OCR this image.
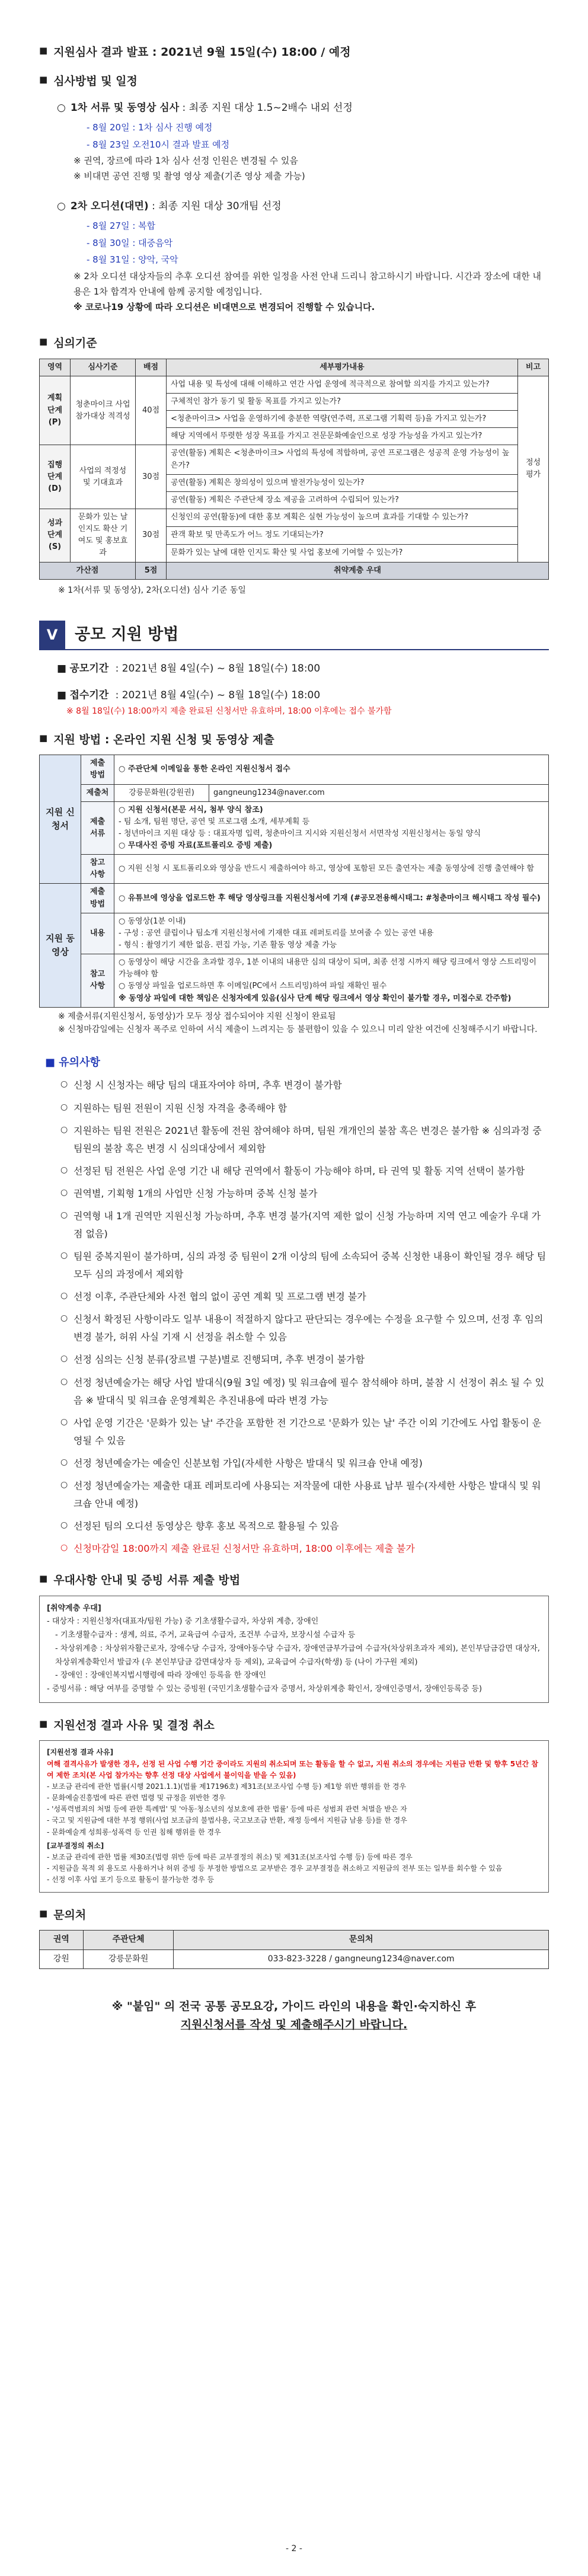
■ 지원심사 결과 발표 : 2021년 9월 15일(수) 18:00 / 예정
■ 심사방법 및 일정
○ 1차 서류 및 동영상 심사 : 최종 지원 대상 1.5~2배수 내외 선정
- 8월 20일 : 1차 심사 진행 예정
- 8월 23일 오전10시 결과 발표 예정
※ 권역, 장르에 따라 1차 심사 선정 인원은 변경될 수 있음
※ 비대면 공연 진행 및 촬영 영상 제출(기존 영상 제출 가능)
○ 2차 오디션(대면) : 최종 지원 대상 30개팀 선정
- 8월 27일 : 복합
- 8월 30일 : 대중음악
- 8월 31일 : 양악, 국악
※ 2차 오디션 대상자들의 추후 오디션 참여를 위한 일정을 사전 안내 드리니 참고하시기 바랍니다. 시간과 장소에 대한 내용은 1차 합격자 안내에 함께 공지할 예정입니다.
※ 코로나19 상황에 따라 오디션은 비대면으로 변경되어 진행할 수 있습니다.
■ 심의기준
영역	심사기준	배점	세부평가내용	비고
계획 단계 (P)	청춘마이크 사업 참가대상 적격성	40점	사업 내용 및 특성에 대해 이해하고 연간 사업 운영에 적극적으로 참여할 의지를 가지고 있는가?	정성평가
			구체적인 참가 동기 및 활동 목표를 가지고 있는가?	
			<청춘마이크> 사업을 운영하기에 충분한 역량(연주력, 프로그램 기획력 등)을 가지고 있는가?	
			해당 지역에서 뚜렷한 성장 목표를 가지고 전문문화예술인으로 성장 가능성을 가지고 있는가?	
집행 단계 (D)	사업의 적정성 및 기대효과	30점	공연(활동) 계획은 <청춘마이크> 사업의 특성에 적합하며, 공연 프로그램은 성공적 운영 가능성이 높은가?	
			공연(활동) 계획은 창의성이 있으며 발전가능성이 있는가?	
			공연(활동) 계획은 주관단체 장소 제공을 고려하여 수립되어 있는가?	
성과 단계 (S)	문화가 있는 날 인지도 확산 기여도 및 홍보효과	30점	신청인의 공연(활동)에 대한 홍보 계획은 실현 가능성이 높으며 효과를 기대할 수 있는가?	
			관객 확보 및 만족도가 어느 정도 기대되는가?	
			문화가 있는 날에 대한 인지도 확산 및 사업 홍보에 기여할 수 있는가?	
가산점		5점	취약계층 우대	
※ 1차(서류 및 동영상), 2차(오디션) 심사 기준 동일
V	공모 지원 방법
■ 공모기간 : 2021년 8월 4일(수) ~ 8월 18일(수) 18:00
■ 접수기간 : 2021년 8월 4일(수) ~ 8월 18일(수) 18:00
※ 8월 18일(수) 18:00까지 제출 완료된 신청서만 유효하며, 18:00 이후에는 접수 불가함
■ 지원 방법 : 온라인 지원 신청 및 동영상 제출
지원 신청서	제출 방법	○ 주관단체 이메일을 통한 온라인 지원신청서 접수	
	제출처	강릉문화원(강원권)	gangneung1234@naver.com
	제출 서류	○ 지원 신청서(본문 서식, 첨부 양식 참조)
- 팀 소개, 팀원 명단, 공연 및 프로그램 소개, 세부계획 등
- 청년마이크 지원 대상 등 : 대표자명 입력, 청춘마이크 지시와 지원신청서 서면작성 지원신청서는 동일 양식
○ 무대사진 증빙 자료(포트폴리오 증빙 제출)	

	참고 사항	○ 지원 신청 시 포트폴리오와 영상을 반드시 제출하여야 하고, 영상에 포함된 모든 출연자는 제출 동영상에 진행 출연해야 함	
지원 동영상	제출 방법	○ 유튜브에 영상을 업로드한 후 해당 영상링크를 지원신청서에 기재 (#공모전용해시태그: #청춘마이크 해시태그 작성 필수)	
	내용	○ 동영상(1분 이내)
- 구성 : 공연 클립이나 팀소개 지원신청서에 기재한 대표 레퍼토리를 보여줄 수 있는 공연 내용
- 형식 : 촬영기기 제한 없음. 편집 가능, 기존 활동 영상 제출 가능	

	참고 사항	○ 동영상이 해당 시간을 초과할 경우, 1분 이내의 내용만 심의 대상이 되며, 최종 선정 시까지 해당 링크에서 영상 스트리밍이 가능해야 함
○ 동영상 파일을 업로드하면 후 이메일(PC에서 스트리밍)하여 파일 재확인 필수
※ 동영상 파일에 대한 책임은 신청자에게 있음(심사 단계 해당 링크에서 영상 확인이 불가할 경우, 미접수로 간주함)	
※ 제출서류(지원신청서, 동영상)가 모두 정상 접수되어야 지원 신청이 완료됨
※ 신청마감일에는 신청자 폭주로 인하여 서식 제출이 느려지는 등 불편함이 있을 수 있으니 미리 알찬 여건에 신청해주시기 바랍니다.
■ 유의사항
○ 신청 시 신청자는 해당 팀의 대표자여야 하며, 추후 변경이 불가함
○ 지원하는 팀원 전원이 지원 신청 자격을 충족해야 함
○ 지원하는 팀원 전원은 2021년 활동에 전원 참여해야 하며, 팀원 개개인의 불참 혹은 변경은 불가함 ※ 심의과정 중 팀원의 불참 혹은 변경 시 심의대상에서 제외함
○ 선정된 팀 전원은 사업 운영 기간 내 해당 권역에서 활동이 가능해야 하며, 타 권역 및 활동 지역 선택이 불가함
○ 권역별, 기획형 1개의 사업만 신청 가능하며 중복 신청 불가
○ 권역형 내 1개 권역만 지원신청 가능하며, 추후 변경 불가(지역 제한 없이 신청 가능하며 지역 연고 예술가 우대 가점 없음)
○ 팀원 중복지원이 불가하며, 심의 과정 중 팀원이 2개 이상의 팀에 소속되어 중복 신청한 내용이 확인될 경우 해당 팀 모두 심의 과정에서 제외함
○ 선정 이후, 주관단체와 사전 협의 없이 공연 계획 및 프로그램 변경 불가
○ 신청서 확정된 사항이라도 일부 내용이 적절하지 않다고 판단되는 경우에는 수정을 요구할 수 있으며, 선정 후 임의 변경 불가, 허위 사실 기재 시 선정을 취소할 수 있음
○ 선정 심의는 신청 분류(장르별 구분)별로 진행되며, 추후 변경이 불가함
○ 선정 청년예술가는 해당 사업 발대식(9월 3일 예정) 및 워크숍에 필수 참석해야 하며, 불참 시 선정이 취소 될 수 있음 ※ 발대식 및 워크숍 운영계획은 추진내용에 따라 변경 가능
○ 사업 운영 기간은 '문화가 있는 날' 주간을 포함한 전 기간으로 '문화가 있는 날' 주간 이외 기간에도 사업 활동이 운영될 수 있음
○ 선정 청년예술가는 예술인 신분보험 가입(자세한 사항은 발대식 및 워크숍 안내 예정)
○ 선정 청년예술가는 제출한 대표 레퍼토리에 사용되는 저작물에 대한 사용료 납부 필수(자세한 사항은 발대식 및 워크숍 안내 예정)
○ 선정된 팀의 오디션 동영상은 향후 홍보 목적으로 활용될 수 있음
○ 신청마감일 18:00까지 제출 완료된 신청서만 유효하며, 18:00 이후에는 제출 불가
■ 우대사항 안내 및 증빙 서류 제출 방법
[취약계층 우대]
- 대상자 : 지원신청자(대표자/팀원 가능) 중 기초생활수급자, 차상위 계층, 장애인
- 기초생활수급자 : 생계, 의료, 주거, 교육급여 수급자, 조건부 수급자, 보장시설 수급자 등
- 차상위계층 : 차상위자활근로자, 장애수당 수급자, 장애아동수당 수급자, 장애연금부가급여 수급자(차상위초과자 제외), 본인부담금감면 대상자, 차상위계층확인서 발급자 (우 본인부담금 감면대상자 등 제외), 교육급여 수급자(학생) 등 (나이 가구원 제외)
- 장애인 : 장애인복지법시행령에 따라 장애인 등록을 한 장애인
- 증빙서류 : 해당 여부를 증명할 수 있는 증빙원 (국민기초생활수급자 증명서, 차상위계층 확인서, 장애인증명서, 장애인등록증 등)
■ 지원선정 결과 사유 및 결정 취소
[지원선정 결과 사유]
여해 결격사유가 발생한 경우, 선정 된 사업 수행 기간 중이라도 지원의 취소되며 또는 활동을 할 수 없고, 지원 취소의 경우에는 지원금 반환 및 향후 5년간 참여 제한 조치(본 사업 참가자는 향후 선정 대상 사업에서 불이익을 받을 수 있음)
- 보조금 관리에 관한 법률(시행 2021.1.1)(법률 제17196호) 제31조(보조사업 수행 등) 제1항 위반 행위를 한 경우
- 문화예술진흥법에 따른 관련 법령 및 규정을 위반한 경우
- '성폭력범죄의 처벌 등에 관한 특례법' 및 '아동·청소년의 성보호에 관한 법률' 등에 따른 성범죄 관련 처벌을 받은 자
- 국고 및 지원금에 대한 부정 행위(사업 보조금의 불법사용, 국고보조금 반환, 재정 등에서 지원금 남용 등)를 한 경우
- 문화예술계 성희롱·성폭력 등 인권 침해 행위를 한 경우
[교부결정의 취소]
- 보조금 관리에 관한 법률 제30조(법령 위반 등에 따른 교부결정의 취소) 및 제31조(보조사업 수행 등) 등에 따른 경우
- 지원금을 목적 외 용도로 사용하거나 허위 증빙 등 부정한 방법으로 교부받은 경우 교부결정을 취소하고 지원금의 전부 또는 일부를 회수할 수 있음
- 선정 이후 사업 포기 등으로 활동이 불가능한 경우 등
■ 문의처
권역	주관단체	문의처
강원	강릉문화원	033-823-3228 / gangneung1234@naver.com
※ "붙임" 의 전국 공통 공모요강, 가이드 라인의 내용을 확인·숙지하신 후
지원신청서를 작성 및 제출해주시기 바랍니다.
- 2 -
